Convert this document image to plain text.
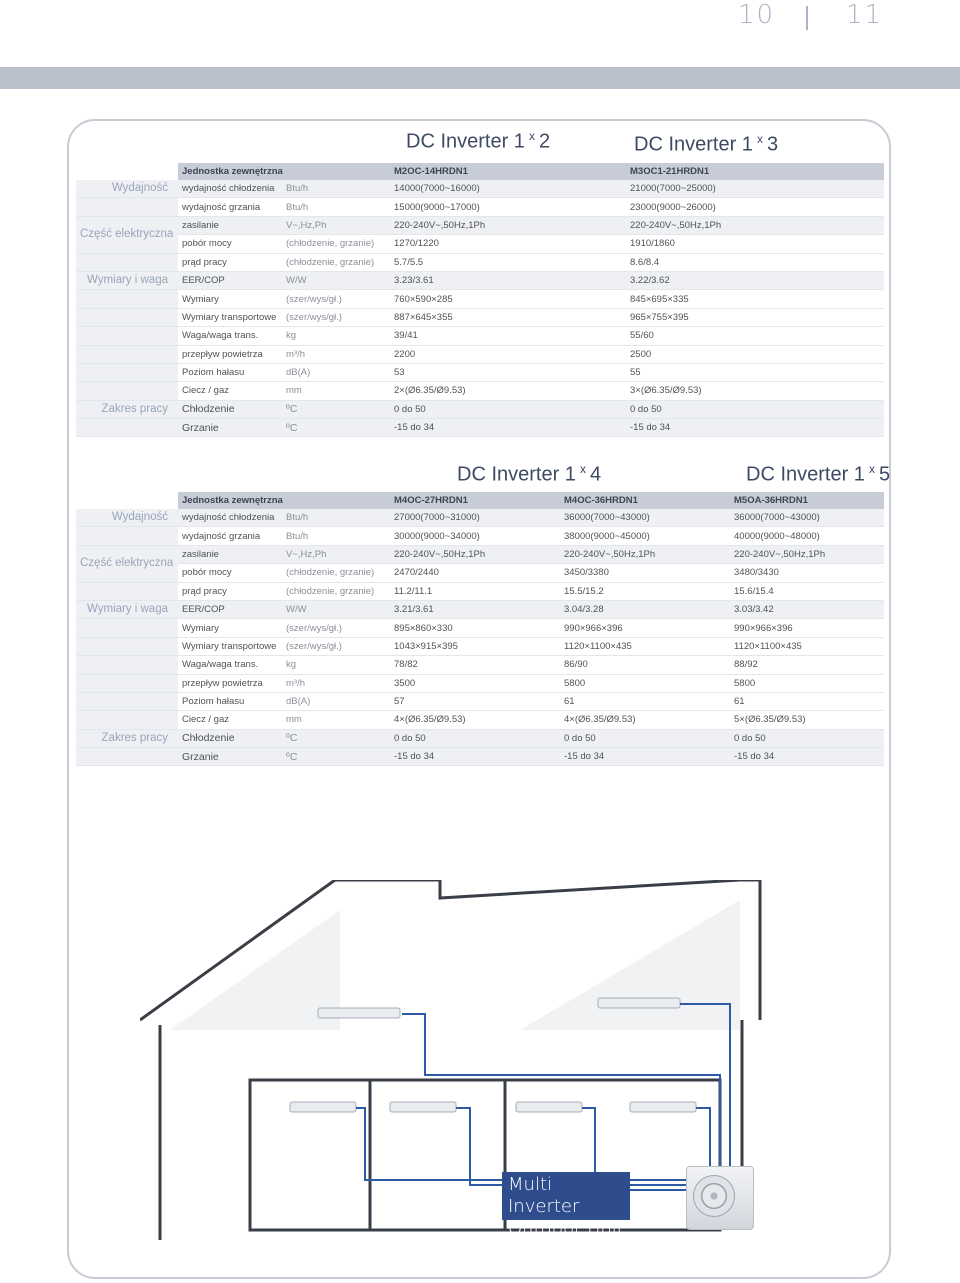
10	11
DC Inverter 1 $^x$ 2	DC Inverter 1 $^x$ 3
	Jednostka zewnętrzna		M2OC-14HRDN1	M3OC1-21HRDN1
Wydajność	wydajność chłodzenia	Btu/h	14000(7000~16000)	21000(7000~25000)
	wydajność grzania	Btu/h	15000(9000~17000)	23000(9000~26000)
Część elektryczna	zasilanie	V~,Hz,Ph	220-240V~,50Hz,1Ph	220-240V~,50Hz,1Ph
	pobór mocy	(chłodzenie, grzanie)	1270/1220	1910/1860
	prąd pracy	(chłodzenie, grzanie)	5.7/5.5	8.6/8.4
Wymiary i waga	EER/COP	W/W	3.23/3.61	3.22/3.62
	Wymiary	(szer/wys/gł.)	760×590×285	845×695×335
	Wymiary transportowe	(szer/wys/gł.)	887×645×355	965×755×395
	Waga/waga trans.	kg	39/41	55/60
	przepływ powietrza	m³/h	2200	2500
	Poziom hałasu	dB(A)	53	55
	Ciecz / gaz	mm	2×(Ø6.35/Ø9.53)	3×(Ø6.35/Ø9.53)
Zakres pracy	Chłodzenie	ºC	0 do 50	0 do 50
	Grzanie	ºC	-15 do 34	-15 do 34
DC Inverter 1 $^x$ 4	DC Inverter 1 $^x$ 5
	Jednostka zewnętrzna		M4OC-27HRDN1	M4OC-36HRDN1	M5OA-36HRDN1
Wydajność	wydajność chłodzenia	Btu/h	27000(7000~31000)	36000(7000~43000)	36000(7000~43000)
	wydajność grzania	Btu/h	30000(9000~34000)	38000(9000~45000)	40000(9000~48000)
Część elektryczna	zasilanie	V~,Hz,Ph	220-240V~,50Hz,1Ph	220-240V~,50Hz,1Ph	220-240V~,50Hz,1Ph
	pobór mocy	(chłodzenie, grzanie)	2470/2440	3450/3380	3480/3430
	prąd pracy	(chłodzenie, grzanie)	11.2/11.1	15.5/15.2	15.6/15.4
Wymiary i waga	EER/COP	W/W	3.21/3.61	3.04/3.28	3.03/3.42
	Wymiary	(szer/wys/gł.)	895×860×330	990×966×396	990×966×396
	Wymiary transportowe	(szer/wys/gł.)	1043×915×395	1120×1100×435	1120×1100×435
	Waga/waga trans.	kg	78/82	86/90	88/92
	przepływ powietrza	m³/h	3500	5800	5800
	Poziom hałasu	dB(A)	57	61	61
	Ciecz / gaz	mm	4×(Ø6.35/Ø9.53)	4×(Ø6.35/Ø9.53)	5×(Ø6.35/Ø9.53)
Zakres pracy	Chłodzenie	ºC	0 do 50	0 do 50	0 do 50
	Grzanie	ºC	-15 do 34	-15 do 34	-15 do 34
Multi Inverter
Outdoor Unit
